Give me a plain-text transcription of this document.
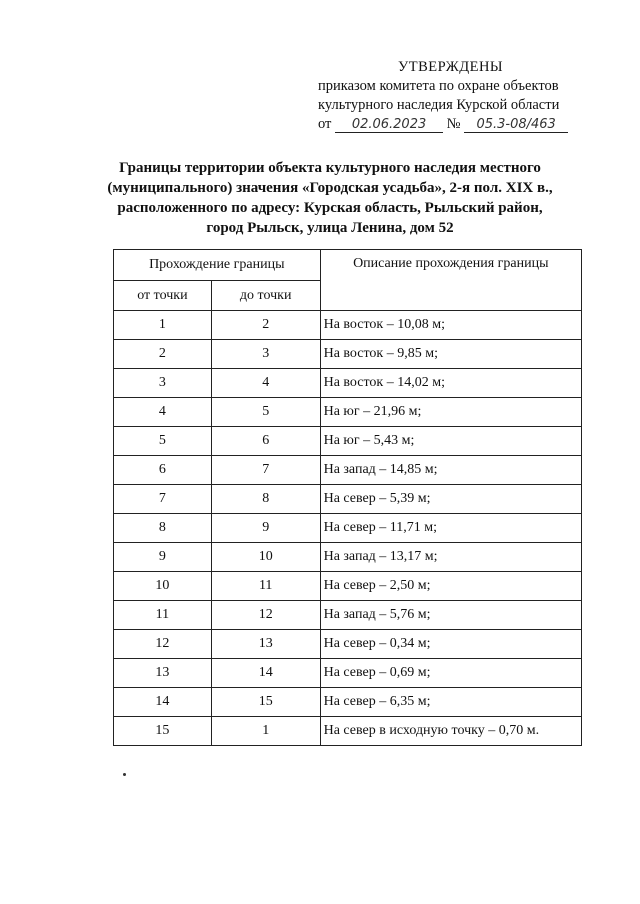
УТВЕРЖДЕНЫ
приказом комитета по охране объектов
культурного наследия Курской области
от 02.06.2023 № 05.3-08/463
Границы территории объекта культурного наследия местного
(муниципального) значения «Городская усадьба», 2-я пол. XIX в.,
расположенного по адресу: Курская область, Рыльский район,
город Рыльск, улица Ленина, дом 52
Прохождение границы		Описание прохождения границы
от точки	до точки	
1	2	На восток – 10,08 м;
2	3	На восток – 9,85 м;
3	4	На восток – 14,02 м;
4	5	На юг – 21,96 м;
5	6	На юг – 5,43 м;
6	7	На запад – 14,85 м;
7	8	На север – 5,39 м;
8	9	На север – 11,71 м;
9	10	На запад – 13,17 м;
10	11	На север – 2,50 м;
11	12	На запад – 5,76 м;
12	13	На север – 0,34 м;
13	14	На север – 0,69 м;
14	15	На север – 6,35 м;
15	1	На север в исходную точку – 0,70 м.
